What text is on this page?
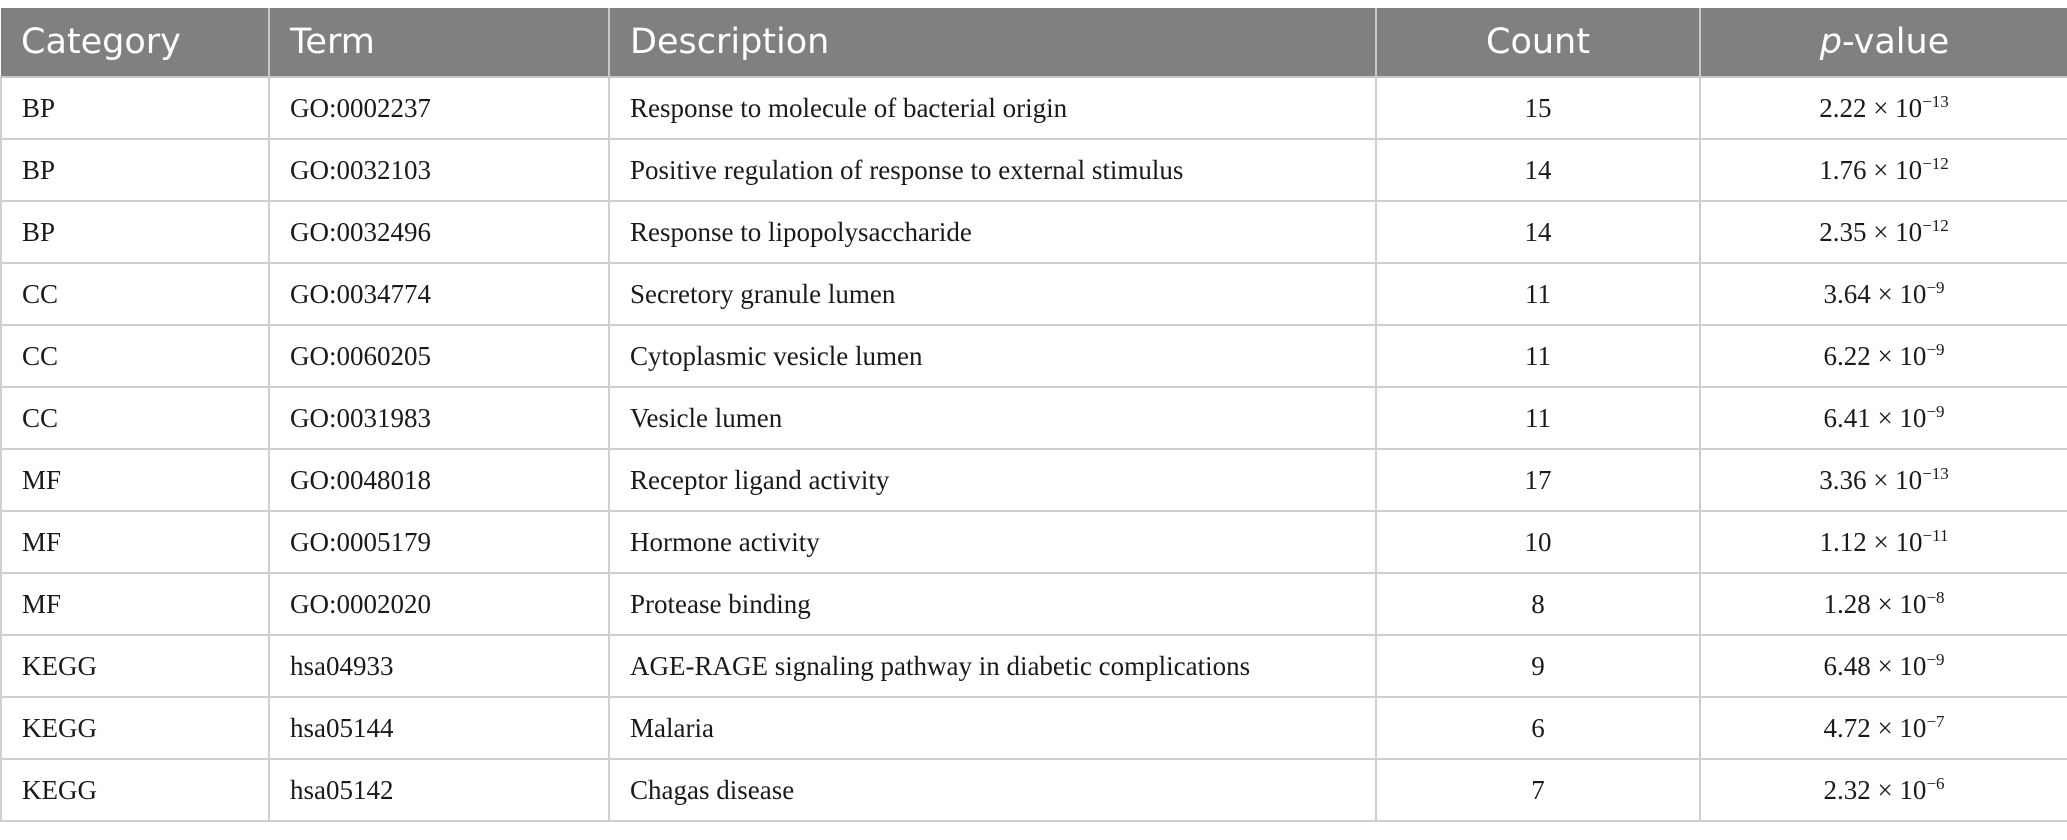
Category	Term	Description	Count	p-value
BP	GO:0002237	Response to molecule of bacterial origin	15	$2.22 \times 10^{-13}$
BP	GO:0032103	Positive regulation of response to external stimulus	14	$1.76 \times 10^{-12}$
BP	GO:0032496	Response to lipopolysaccharide	14	$2.35 \times 10^{-12}$
CC	GO:0034774	Secretory granule lumen	11	$3.64 \times 10^{-9}$
CC	GO:0060205	Cytoplasmic vesicle lumen	11	$6.22 \times 10^{-9}$
CC	GO:0031983	Vesicle lumen	11	$6.41 \times 10^{-9}$
MF	GO:0048018	Receptor ligand activity	17	$3.36 \times 10^{-13}$
MF	GO:0005179	Hormone activity	10	$1.12 \times 10^{-11}$
MF	GO:0002020	Protease binding	8	$1.28 \times 10^{-8}$
KEGG	hsa04933	AGE-RAGE signaling pathway in diabetic complications	9	$6.48 \times 10^{-9}$
KEGG	hsa05144	Malaria	6	$4.72 \times 10^{-7}$
KEGG	hsa05142	Chagas disease	7	$2.32 \times 10^{-6}$
